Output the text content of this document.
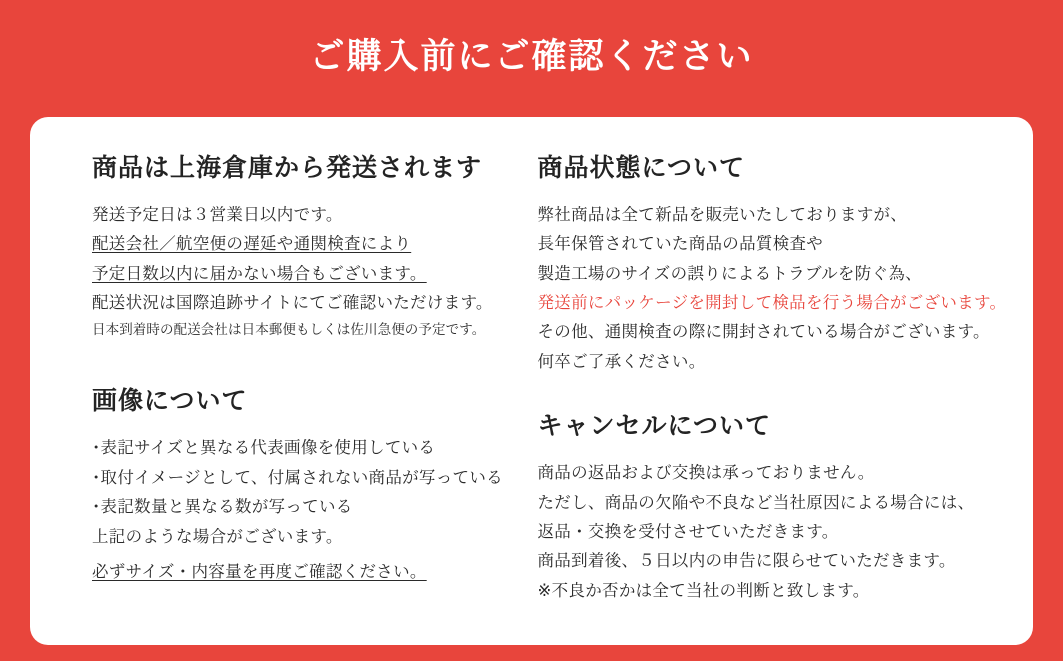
ご購入前にご確認ください
商品は上海倉庫から発送されます
発送予定日は３営業日以内です。
配送会社／航空便の遅延や通関検査により
予定日数以内に届かない場合もございます。
配送状況は国際追跡サイトにてご確認いただけます。
日本到着時の配送会社は日本郵便もしくは佐川急便の予定です。
画像について
･表記サイズと異なる代表画像を使用している
･取付イメージとして、付属されない商品が写っている
･表記数量と異なる数が写っている
上記のような場合がございます。
必ずサイズ・内容量を再度ご確認ください。
商品状態について
弊社商品は全て新品を販売いたしておりますが、
長年保管されていた商品の品質検査や
製造工場のサイズの誤りによるトラブルを防ぐ為、
発送前にパッケージを開封して検品を行う場合がございます。
その他、通関検査の際に開封されている場合がございます。
何卒ご了承ください。
キャンセルについて
商品の返品および交換は承っておりません。
ただし、商品の欠陥や不良など当社原因による場合には、
返品・交換を受付させていただきます。
商品到着後、５日以内の申告に限らせていただきます。
※不良か否かは全て当社の判断と致します。
